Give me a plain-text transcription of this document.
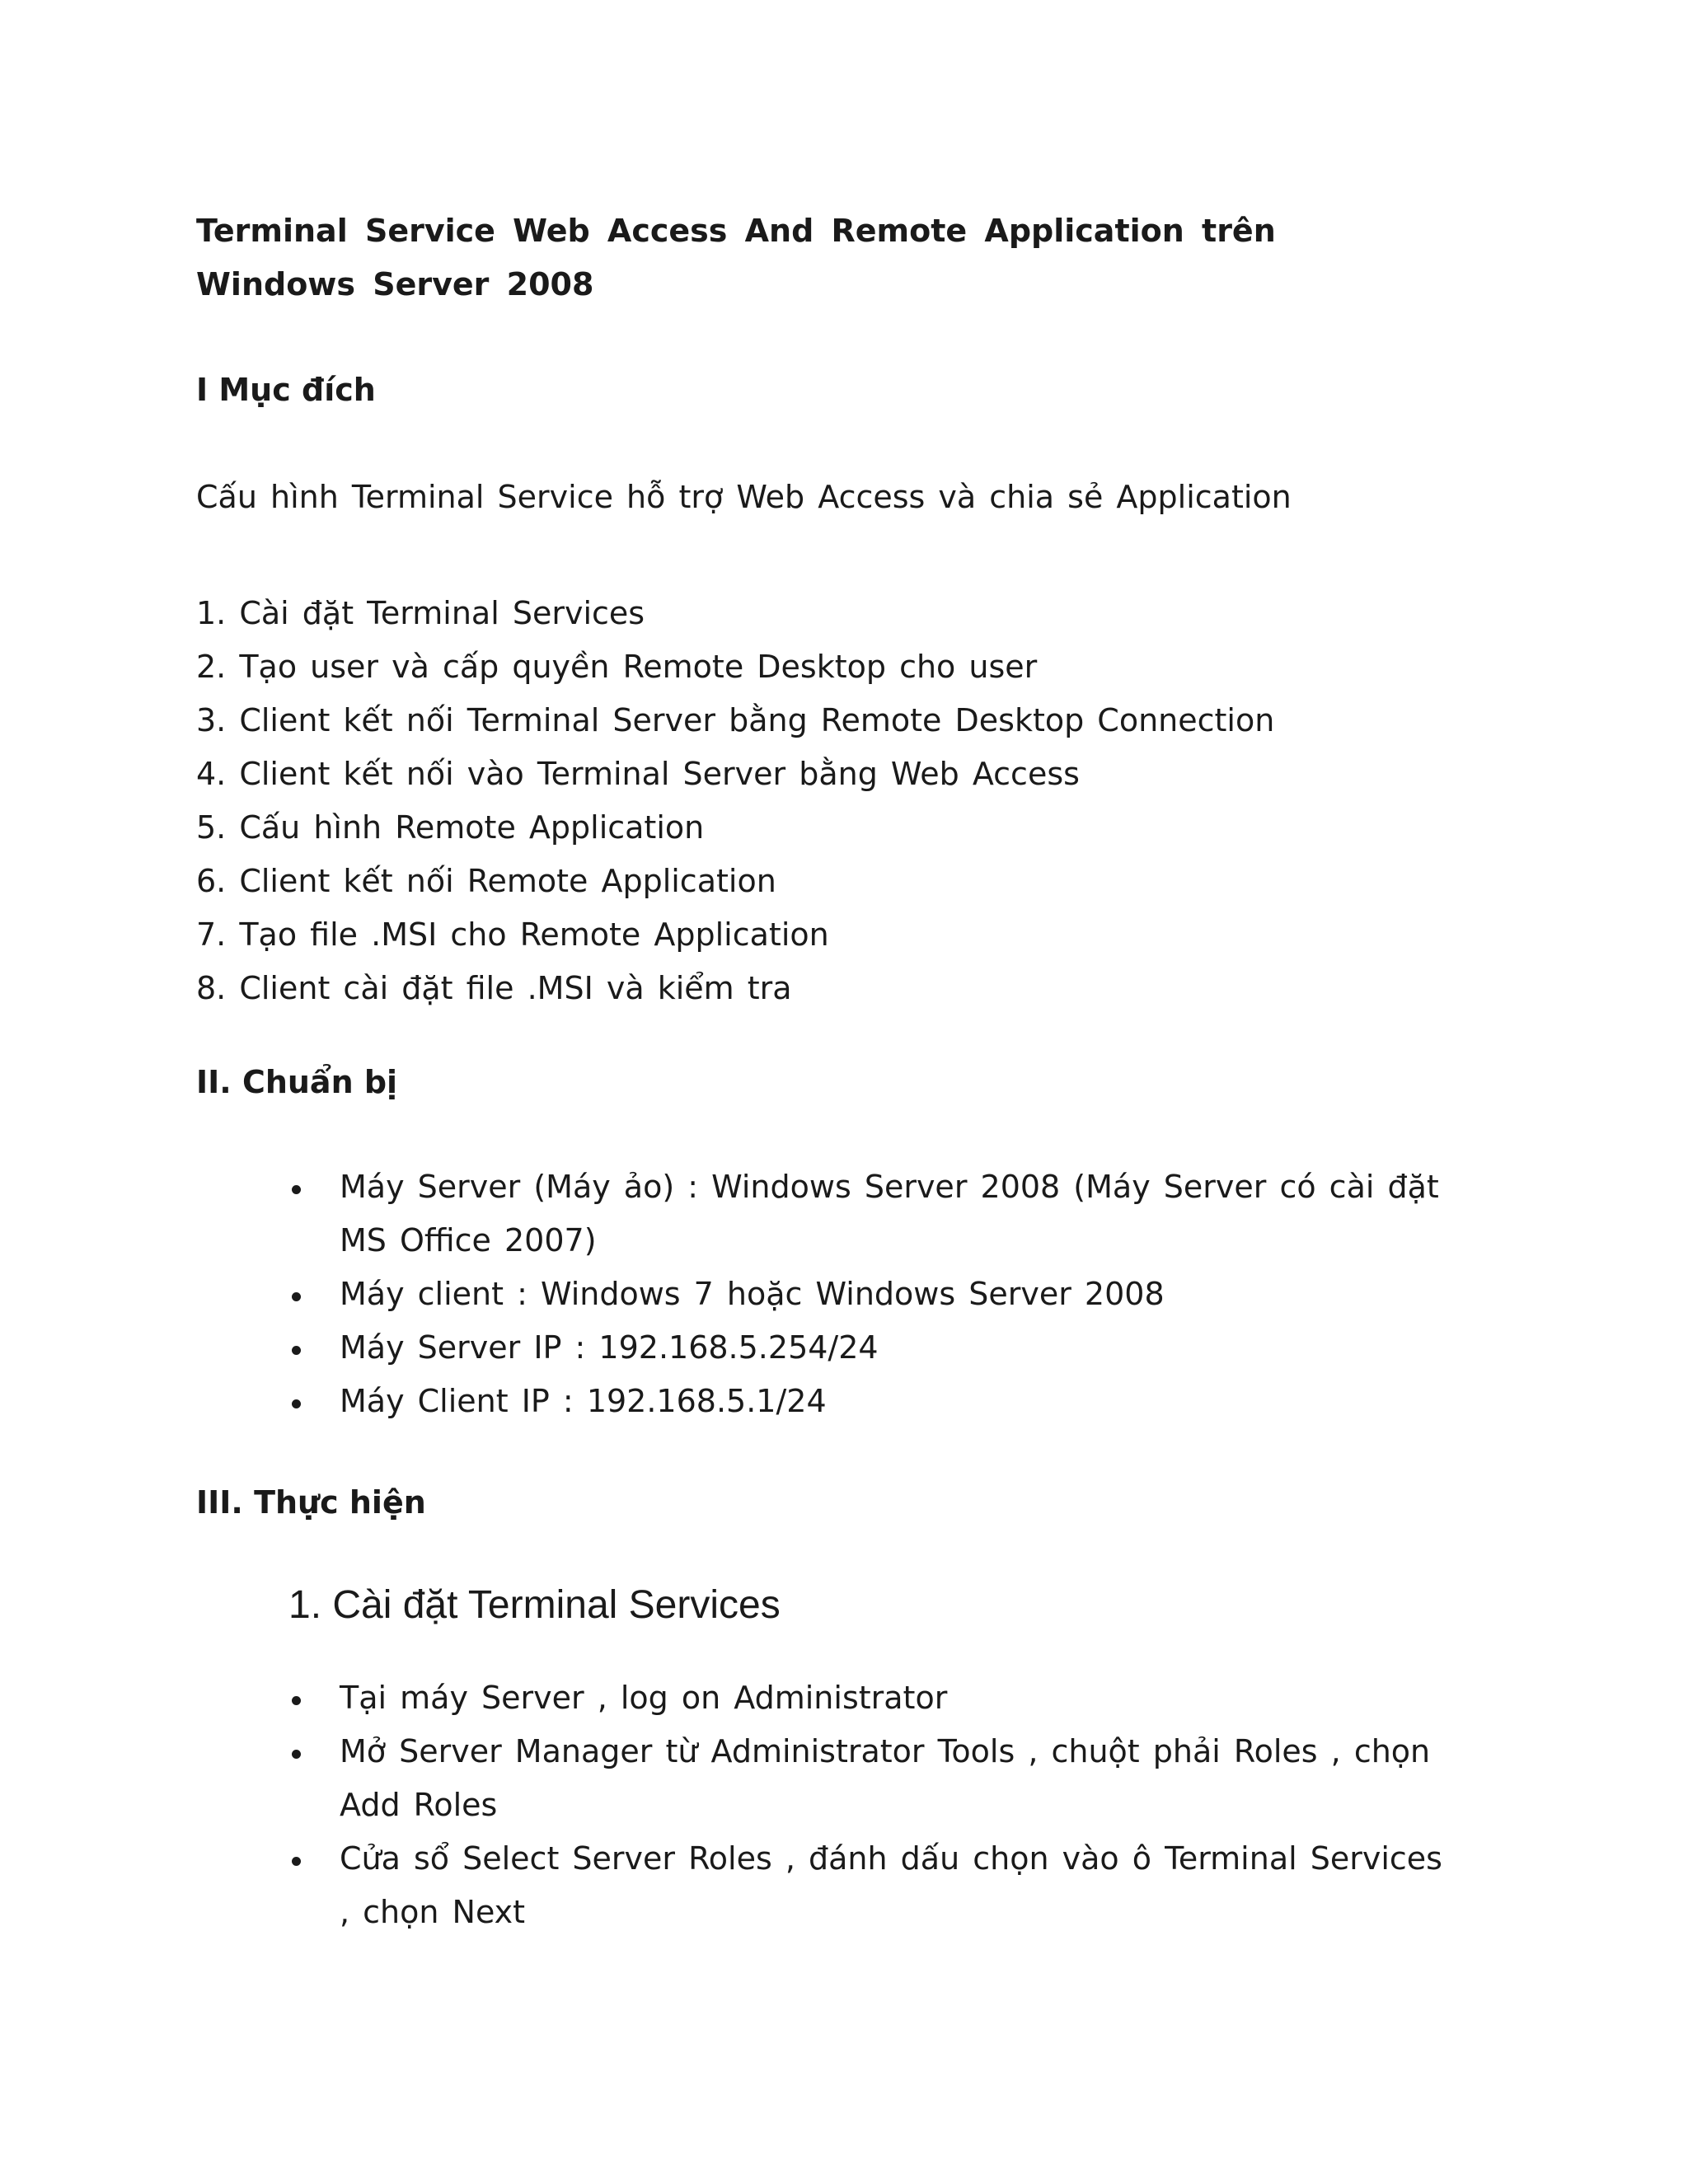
Terminal Service Web Access And Remote Application trên Windows Server 2008
I Mục đích

Cấu hình Terminal Service hỗ trợ Web Access và chia sẻ Application

1. Cài đặt Terminal Services
2. Tạo user và cấp quyền Remote Desktop cho user
3. Client kết nối Terminal Server bằng Remote Desktop Connection
4. Client kết nối vào Terminal Server bằng Web Access
5. Cấu hình Remote Application
6. Client kết nối Remote Application
7. Tạo file .MSI cho Remote Application
8. Client cài đặt file .MSI và kiểm tra
II. Chuẩn bị
Máy Server (Máy ảo) : Windows Server 2008 (Máy Server có cài đặt MS Office 2007)
Máy client : Windows 7 hoặc Windows Server 2008
Máy Server IP : 192.168.5.254/24
Máy Client IP : 192.168.5.1/24
III. Thực hiện
1. Cài đặt Terminal Services
Tại máy Server , log on Administrator
Mở Server Manager từ Administrator Tools , chuột phải Roles , chọn Add Roles
Cửa sổ Select Server Roles , đánh dấu chọn vào ô Terminal Services , chọn Next
